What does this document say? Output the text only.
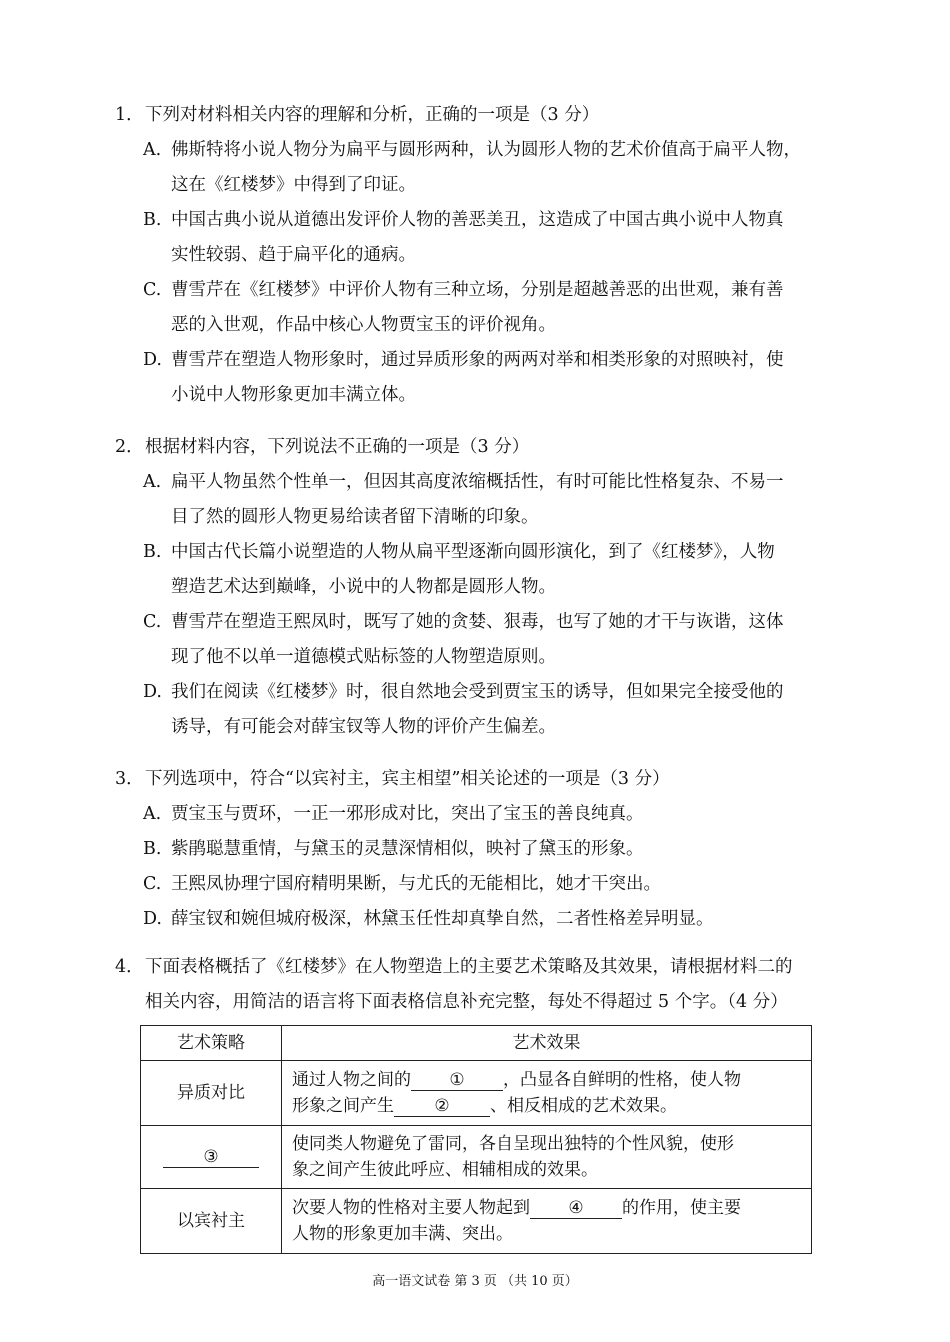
1． 下列对材料相关内容的理解和分析，正确的一项是（3 分）
A. 佛斯特将小说人物分为扁平与圆形两种，认为圆形人物的艺术价值高于扁平人物，
这在《红楼梦》中得到了印证。
B. 中国古典小说从道德出发评价人物的善恶美丑，这造成了中国古典小说中人物真
实性较弱、趋于扁平化的通病。
C. 曹雪芹在《红楼梦》中评价人物有三种立场，分别是超越善恶的出世观，兼有善
恶的入世观，作品中核心人物贾宝玉的评价视角。
D. 曹雪芹在塑造人物形象时，通过异质形象的两两对举和相类形象的对照映衬，使
小说中人物形象更加丰满立体。
2． 根据材料内容，下列说法不正确的一项是（3 分）
A. 扁平人物虽然个性单一，但因其高度浓缩概括性，有时可能比性格复杂、不易一
目了然的圆形人物更易给读者留下清晰的印象。
B. 中国古代长篇小说塑造的人物从扁平型逐渐向圆形演化，到了《红楼梦》，人物
塑造艺术达到巅峰，小说中的人物都是圆形人物。
C. 曹雪芹在塑造王熙凤时，既写了她的贪婪、狠毒，也写了她的才干与诙谐，这体
现了他不以单一道德模式贴标签的人物塑造原则。
D. 我们在阅读《红楼梦》时，很自然地会受到贾宝玉的诱导，但如果完全接受他的
诱导，有可能会对薛宝钗等人物的评价产生偏差。
3． 下列选项中，符合“以宾衬主，宾主相望”相关论述的一项是（3 分）
A. 贾宝玉与贾环，一正一邪形成对比，突出了宝玉的善良纯真。
B. 紫鹃聪慧重情，与黛玉的灵慧深情相似，映衬了黛玉的形象。
C. 王熙凤协理宁国府精明果断，与尤氏的无能相比，她才干突出。
D. 薛宝钗和婉但城府极深，林黛玉任性却真挚自然，二者性格差异明显。
4． 下面表格概括了《红楼梦》在人物塑造上的主要艺术策略及其效果，请根据材料二的
相关内容，用简洁的语言将下面表格信息补充完整，每处不得超过 5 个字。（4 分）
艺术策略	艺术效果
异质对比	通过人物之间的 ① ，凸显各自鲜明的性格，使人物
形象之间产生 ② 、相反相成的艺术效果。
③	使同类人物避免了雷同，各自呈现出独特的个性风貌，使形
象之间产生彼此呼应、相辅相成的效果。
以宾衬主	次要人物的性格对主要人物起到 ④ 的作用，使主要
人物的形象更加丰满、突出。
高一语文试卷 第 3 页 （共 10 页）
